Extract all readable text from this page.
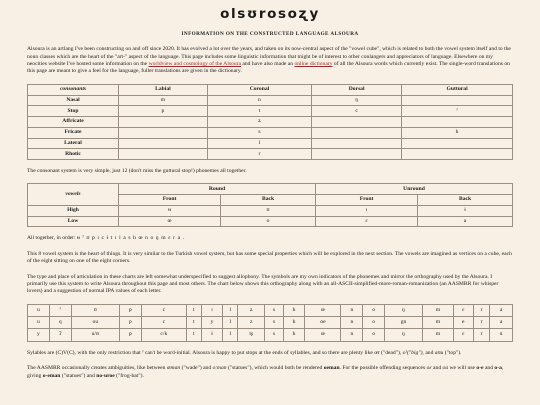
olsʊrosoʐy
INFORMATION ON THE CONSTRUCTED LANGUAGE ALSOURA

Alsoura is an artlang I've been constructing on and off since 2020. It has evolved a lot over the years, and taken on its now-central aspect of the "vowel cube", which is related to both the vowel system itself and to the noun classes which are the heart of the "art-" aspect of the language. This page includes some linguistic information that might be of interest to other conlangers and appreciators of language. Elsewhere on my neocities website I've hosted some information on the worldview and cosmology of the Alsoura and have also made an online dictionary of all the Alsoura words which currently exist. The single-word translations on this page are meant to give a feel for the language, fuller translations are given in the dictionary.

consonants	Labial	Coronal	Dorsal	Guttural
Nasal	m	n	ŋ	
Stop	p	t	c	ˀ
Affricate		ʑ		
Fricate		s		h
Lateral		l		
Rhotic		r		

The consonant system is very simple, just 12 (don't miss the guttural stop!) phonemes all together.

vowels	Round		Unround	
	Front	Back	Front	Back
High	ʉ	ʊ	ɪ	ɨ
Low	œ	o	ɛ	a

All together, in order: ʉ ˀ ʊ p ɪ c ɨ t ɪ l a s h œ n o ŋ m ɛ r a .

This 8 vowel system is the heart of things. It is very similar to the Turkish vowel system, but has some special properties which will be explored in the next section. The vowels are imagined as vertices on a cube, each of the eight sitting on one of the eight corners.

The type and place of articulation in these charts are left somewhat underspecified to suggest allophony. The symbols are my own indicators of the phonemes and mirror the orthography used by the Alsoura. I primarily use this system to write Alsoura throughout this page and most others. The chart below shows this orthography along with an all-ASCII-simplified-more-roman-romanization (an AASMRR for whisper lovers) and a suggestion of normal IPA values of each letter.

u	ˀ	ʊ	p	c	t	ɪ	l	ʑ	s	h	œ	n	o	ŋ	m	ɛ	r	a
u	q	ou	p	c	t	y	l	z	s	h	oe	n	o	gn	m	e	r	a
y	ʔ	u/ʊ	p	c/k	t	ɨ	l	tʂ	s	h	œ	n	o	ŋ	m	ɛ	r	ɑ

Sylables are (C)V(C), with the only restriction that ˀ can't be word-initial. Alsoura is happy to put stops at the ends of syllables, and so there are plenty like œt ("dead"), oˀ("big"), and aʊu ("top").

The AASMRR occasionally creates ambiguities, like between œman ("wade") and oːman ("statues"), which would both be rendered oeman. For the possible offending sequences oɛ and oa we will use o-e and o-a, giving o-eman ("statues") and no-uroe ("frog-bat").
